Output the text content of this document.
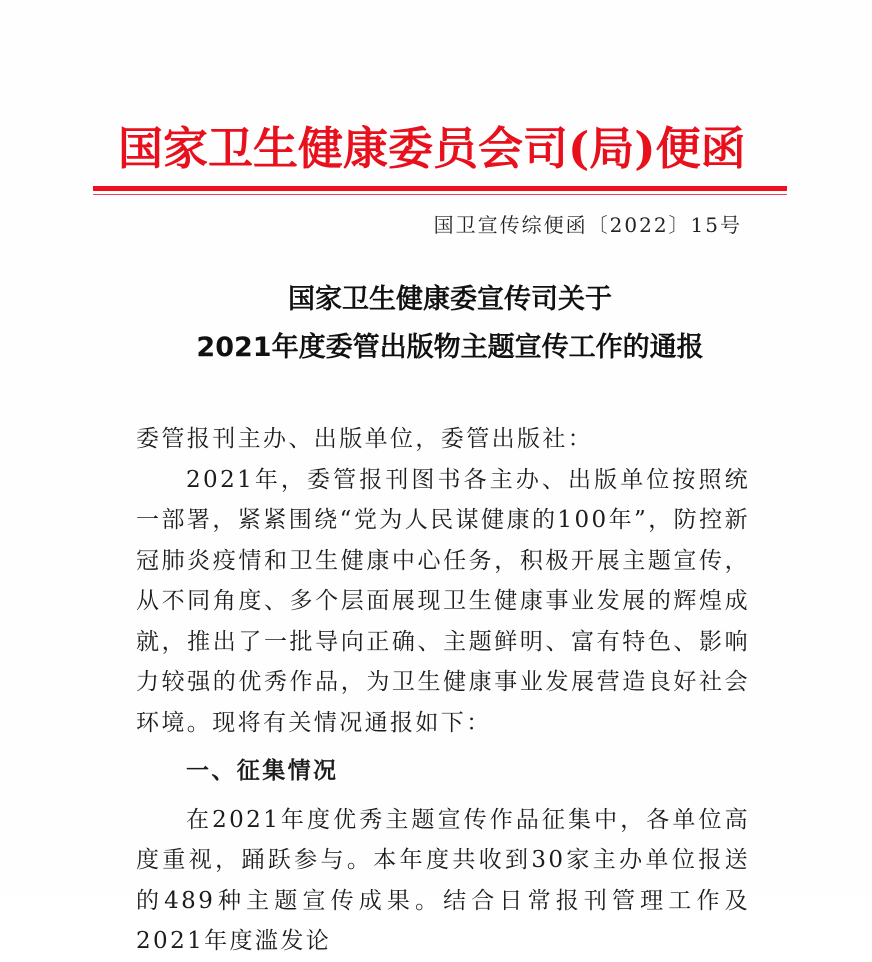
国家卫生健康委员会司(局)便函
国卫宣传综便函〔2022〕15号
国家卫生健康委宣传司关于
2021年度委管出版物主题宣传工作的通报

委管报刊主办、出版单位，委管出版社：

2021年，委管报刊图书各主办、出版单位按照统一部署，紧紧围绕“党为人民谋健康的100年”，防控新冠肺炎疫情和卫生健康中心任务，积极开展主题宣传，从不同角度、多个层面展现卫生健康事业发展的辉煌成就，推出了一批导向正确、主题鲜明、富有特色、影响力较强的优秀作品，为卫生健康事业发展营造良好社会环境。现将有关情况通报如下：

一、征集情况

在2021年度优秀主题宣传作品征集中，各单位高度重视，踊跃参与。本年度共收到30家主办单位报送的489种主题宣传成果。结合日常报刊管理工作及2021年度滥发论
